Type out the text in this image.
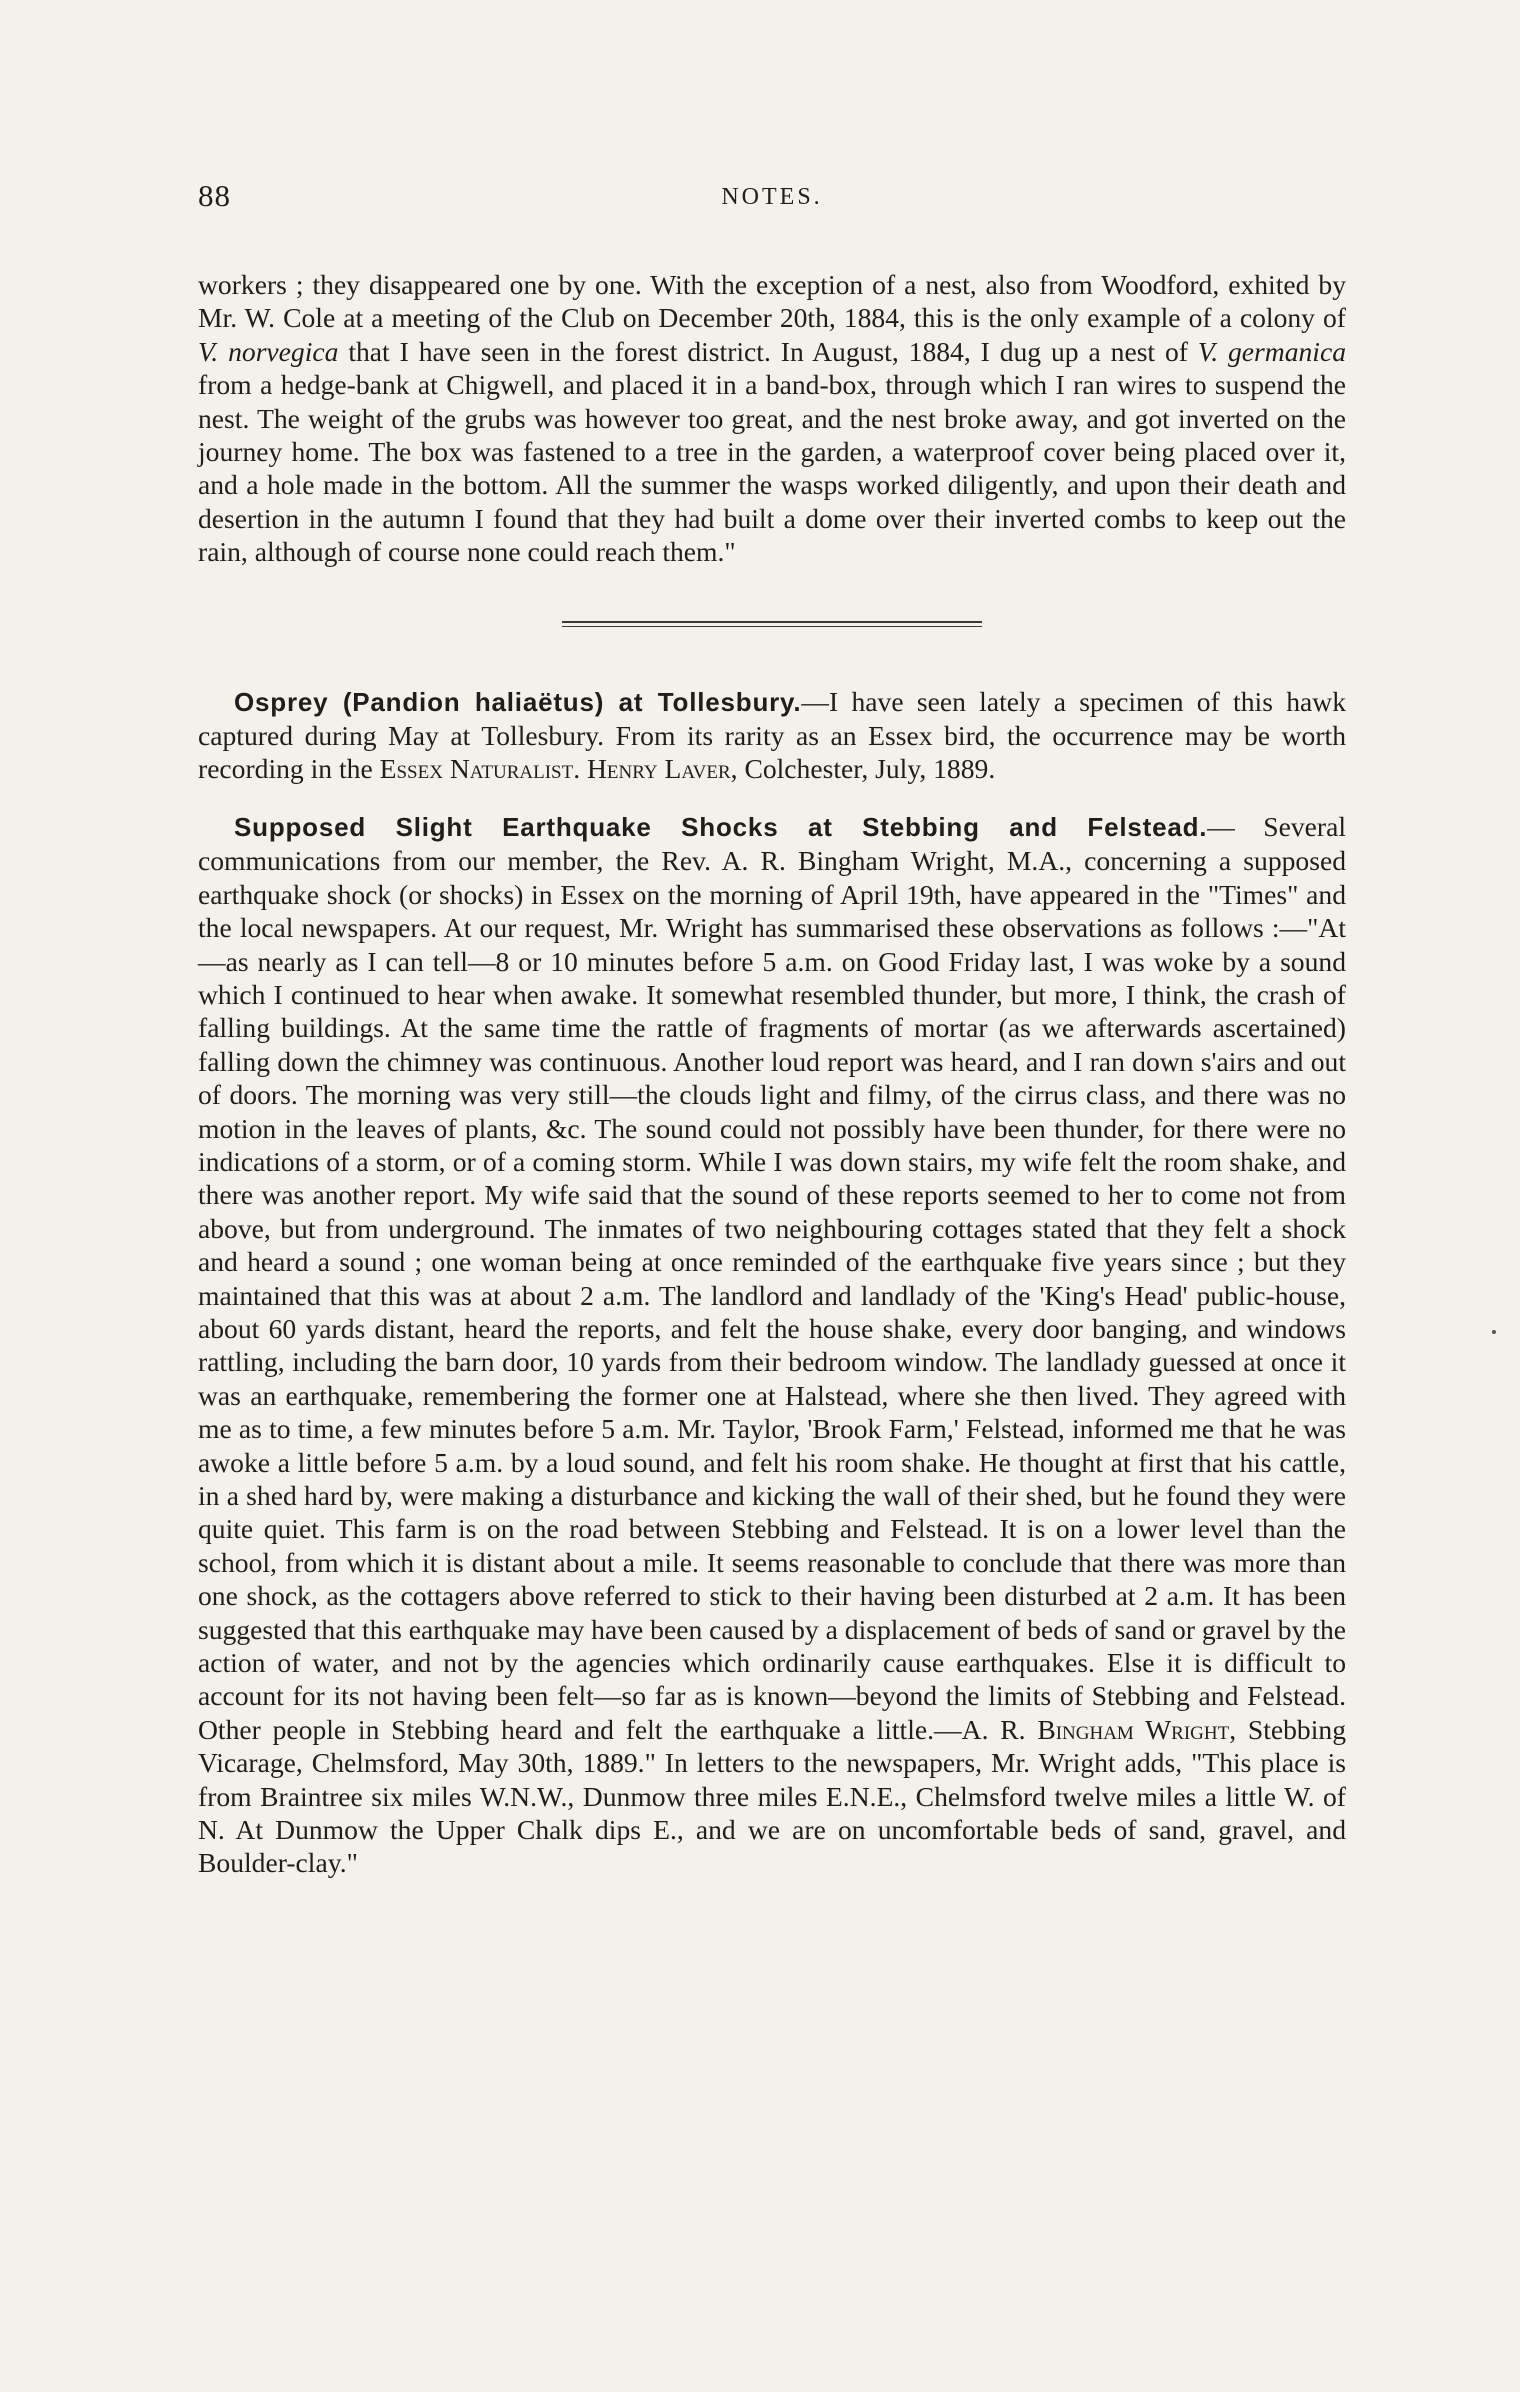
88	NOTES.

workers ; they disappeared one by one. With the exception of a nest, also from Woodford, exhited by Mr. W. Cole at a meeting of the Club on December 20th, 1884, this is the only example of a colony of V. norvegica that I have seen in the forest district. In August, 1884, I dug up a nest of V. germanica from a hedge-bank at Chigwell, and placed it in a band-box, through which I ran wires to suspend the nest. The weight of the grubs was however too great, and the nest broke away, and got inverted on the journey home. The box was fastened to a tree in the garden, a waterproof cover being placed over it, and a hole made in the bottom. All the summer the wasps worked diligently, and upon their death and desertion in the autumn I found that they had built a dome over their inverted combs to keep out the rain, although of course none could reach them."

Osprey (Pandion haliaëtus) at Tollesbury.—I have seen lately a specimen of this hawk captured during May at Tollesbury. From its rarity as an Essex bird, the occurrence may be worth recording in the Essex Naturalist. Henry Laver, Colchester, July, 1889.

Supposed Slight Earthquake Shocks at Stebbing and Felstead.— Several communications from our member, the Rev. A. R. Bingham Wright, M.A., concerning a supposed earthquake shock (or shocks) in Essex on the morning of April 19th, have appeared in the "Times" and the local newspapers. At our request, Mr. Wright has summarised these observations as follows :—"At—as nearly as I can tell—8 or 10 minutes before 5 a.m. on Good Friday last, I was woke by a sound which I continued to hear when awake. It somewhat resembled thunder, but more, I think, the crash of falling buildings. At the same time the rattle of fragments of mortar (as we afterwards ascertained) falling down the chimney was continuous. Another loud report was heard, and I ran down s'airs and out of doors. The morning was very still—the clouds light and filmy, of the cirrus class, and there was no motion in the leaves of plants, &c. The sound could not possibly have been thunder, for there were no indications of a storm, or of a coming storm. While I was down stairs, my wife felt the room shake, and there was another report. My wife said that the sound of these reports seemed to her to come not from above, but from underground. The inmates of two neighbouring cottages stated that they felt a shock and heard a sound ; one woman being at once reminded of the earthquake five years since ; but they maintained that this was at about 2 a.m. The landlord and landlady of the 'King's Head' public-house, about 60 yards distant, heard the reports, and felt the house shake, every door banging, and windows rattling, including the barn door, 10 yards from their bedroom window. The landlady guessed at once it was an earthquake, remembering the former one at Halstead, where she then lived. They agreed with me as to time, a few minutes before 5 a.m. Mr. Taylor, 'Brook Farm,' Felstead, informed me that he was awoke a little before 5 a.m. by a loud sound, and felt his room shake. He thought at first that his cattle, in a shed hard by, were making a disturbance and kicking the wall of their shed, but he found they were quite quiet. This farm is on the road between Stebbing and Felstead. It is on a lower level than the school, from which it is distant about a mile. It seems reasonable to conclude that there was more than one shock, as the cottagers above referred to stick to their having been disturbed at 2 a.m. It has been suggested that this earthquake may have been caused by a displacement of beds of sand or gravel by the action of water, and not by the agencies which ordinarily cause earthquakes. Else it is difficult to account for its not having been felt—so far as is known—beyond the limits of Stebbing and Felstead. Other people in Stebbing heard and felt the earthquake a little.—A. R. Bingham Wright, Stebbing Vicarage, Chelmsford, May 30th, 1889." In letters to the newspapers, Mr. Wright adds, "This place is from Braintree six miles W.N.W., Dunmow three miles E.N.E., Chelmsford twelve miles a little W. of N. At Dunmow the Upper Chalk dips E., and we are on uncomfortable beds of sand, gravel, and Boulder-clay."
